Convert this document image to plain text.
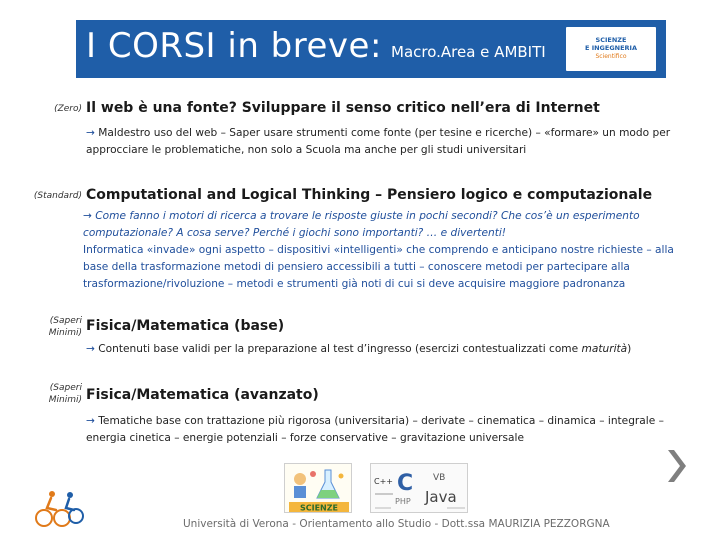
I CORSI in breve: Macro.Area e AMBITI
SCIENZE
E INGEGNERIA
Scientifico
(Zero) Il web è una fonte? Sviluppare il senso critico nell’era di Internet
→ Maldestro uso del web – Saper usare strumenti come fonte (per tesine e ricerche) – «formare» un modo per approcciare le problematiche, non solo a Scuola ma anche per gli studi universitari
(Standard) Computational and Logical Thinking – Pensiero logico e computazionale
→ Come fanno i motori di ricerca a trovare le risposte giuste in pochi secondi? Che cos’è un esperimento computazionale? A cosa serve? Perché i giochi sono importanti? … e divertenti!
Informatica «invade» ogni aspetto – dispositivi «intelligenti» che comprendo e anticipano nostre richieste – alla base della trasformazione metodi di pensiero accessibili a tutti – conoscere metodi per partecipare alla trasformazione/rivoluzione – metodi e strumenti già noti di cui si deve acquisire maggiore padronanza
(Saperi
Minimi) Fisica/Matematica (base)
→ Contenuti base validi per la preparazione al test d’ingresso (esercizi contestualizzati come maturità)
(Saperi
Minimi) Fisica/Matematica (avanzato)
→ Tematiche base con trattazione più rigorosa (universitaria) – derivate – cinematica – dinamica – integrale – energia cinetica – energie potenziali – forze conservative – gravitazione universale
SCIENZE
C++ C VB
Java
PHP
Università di Verona - Orientamento allo Studio - Dott.ssa MAURIZIA PEZZORGNA
